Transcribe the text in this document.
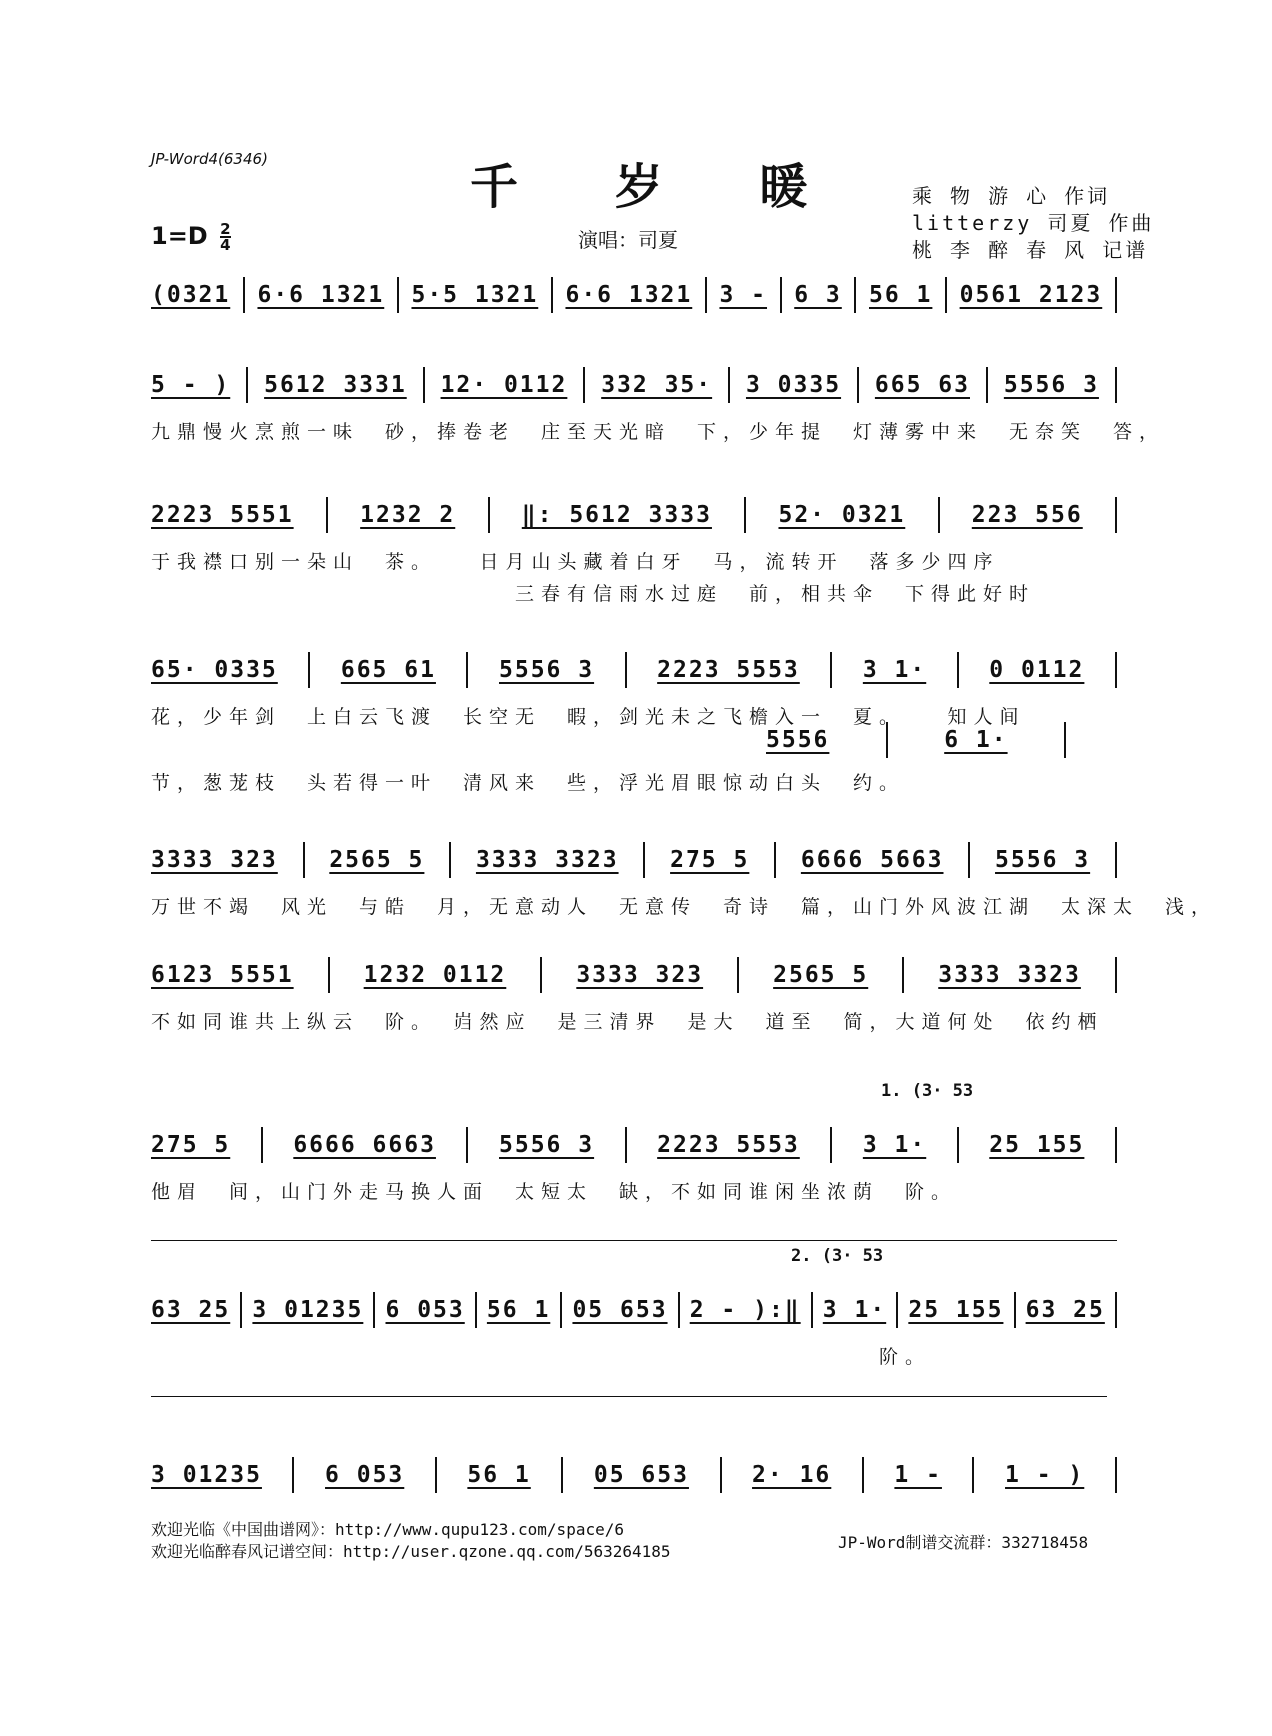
JP-Word4(6346)	千 岁 暖
$1=D \frac{2}{4}$	演唱：司夏
乘 物 游 心 作词
litterzy 司夏 作曲
桃 李 醉 春 风 记谱
(0321 6·6 1321 5·5 1321 6·6 1321 3 - 6 3 56 1 0561 2123
5 - ) 5612 3331 12· 0112 332 35· 3 0335 665 63 5556 3
九鼎慢火烹煎一味　砂，捧卷老　庄至天光暗　下，少年提　灯薄雾中来　无奈笑　答，
2223 5551	1232 2	‖: 5612 3333	52· 0321	223 556
于我襟口别一朵山　茶。　　日月山头藏着白牙　马，流转开　落多少四序
　　　　　　　　　　　　　　三春有信雨水过庭　前，相共伞　下得此好时
65· 0335	665 61	5556 3	2223 5553	3 1·	0 0112
花，少年剑　上白云飞渡　长空无　暇，剑光未之飞檐入一　夏。　　知人间
节，葱茏枝　头若得一叶　清风来　些，浮光眉眼惊动白头　约。
5556	6 1·
3333 323 2565 5 3333 3323 275 5 6666 5663 5556 3
万世不竭　风光　与皓　月，无意动人　无意传　奇诗　篇，山门外风波江湖　太深太　浅，
6123 5551	1232 0112	3333 323	2565 5	3333 3323
不如同谁共上纵云　阶。　岿然应　是三清界　是大　道至　简，大道何处　依约栖
1. (3· 53
275 5	6666 6663	5556 3	2223 5553	3 1·	25 155
他眉　间，山门外走马换人面　太短太　缺，不如同谁闲坐浓荫　阶。
2. (3· 53
63 25 3 01235 6 053 56 1 05 653 2 - ):‖ 3 1· 25 155 63 25
　　　　　　　　　　　　　　　　　　　　　　　　　　　　阶。
3 01235	6 053	56 1	05 653	2· 16	1 -	1 - )
欢迎光临《中国曲谱网》：http://www.qupu123.com/space/6
欢迎光临醉春风记谱空间：http://user.qzone.qq.com/563264185	JP-Word制谱交流群：332718458
